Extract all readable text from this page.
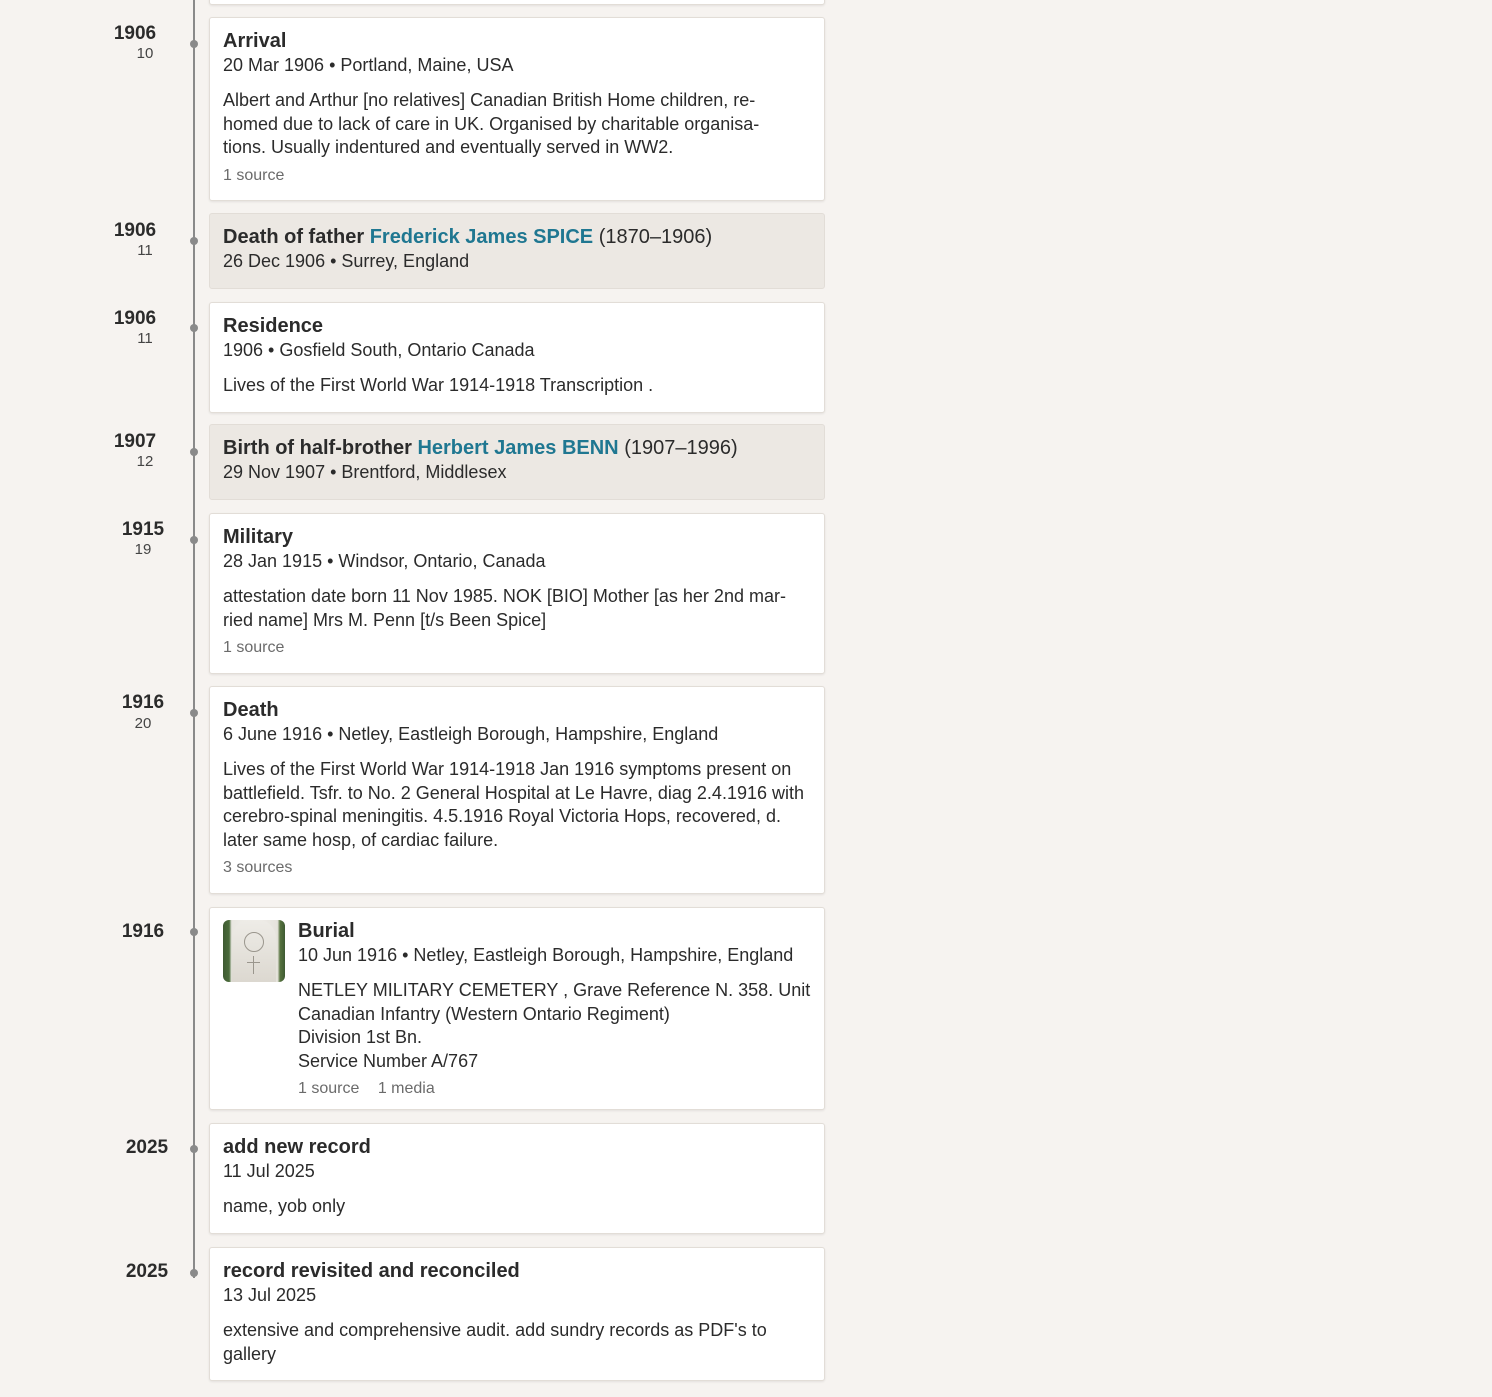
1906
10
Arrival
20 Mar 1906 • Portland, Maine, USA
Albert and Arthur [no relatives] Canadian British Home children, re-
homed due to lack of care in UK. Organised by charitable organisa-
tions. Usually indentured and eventually served in WW2.
1 source
1906
11
Death of father Frederick James SPICE (1870–1906)
26 Dec 1906 • Surrey, England
1906
11
Residence
1906 • Gosfield South, Ontario Canada
Lives of the First World War 1914-1918 Transcription .
1907
12
Birth of half-brother Herbert James BENN (1907–1996)
29 Nov 1907 • Brentford, Middlesex
1915
19
Military
28 Jan 1915 • Windsor, Ontario, Canada
attestation date born 11 Nov 1985. NOK [BIO] Mother [as her 2nd mar-
ried name] Mrs M. Penn [t/s Been Spice]
1 source
1916
20
Death
6 June 1916 • Netley, Eastleigh Borough, Hampshire, England
Lives of the First World War 1914-1918 Jan 1916 symptoms present on
battlefield. Tsfr. to No. 2 General Hospital at Le Havre, diag 2.4.1916 with
cerebro-spinal meningitis. 4.5.1916 Royal Victoria Hops, recovered, d.
later same hosp, of cardiac failure.
3 sources
1916	Burial
10 Jun 1916 • Netley, Eastleigh Borough, Hampshire, England
NETLEY MILITARY CEMETERY , Grave Reference N. 358. Unit
Canadian Infantry (Western Ontario Regiment)
Division 1st Bn.
Service Number A/767
1 source 1 media
2025	add new record
11 Jul 2025
name, yob only
2025	record revisited and reconciled
13 Jul 2025
extensive and comprehensive audit. add sundry records as PDF's to
gallery
